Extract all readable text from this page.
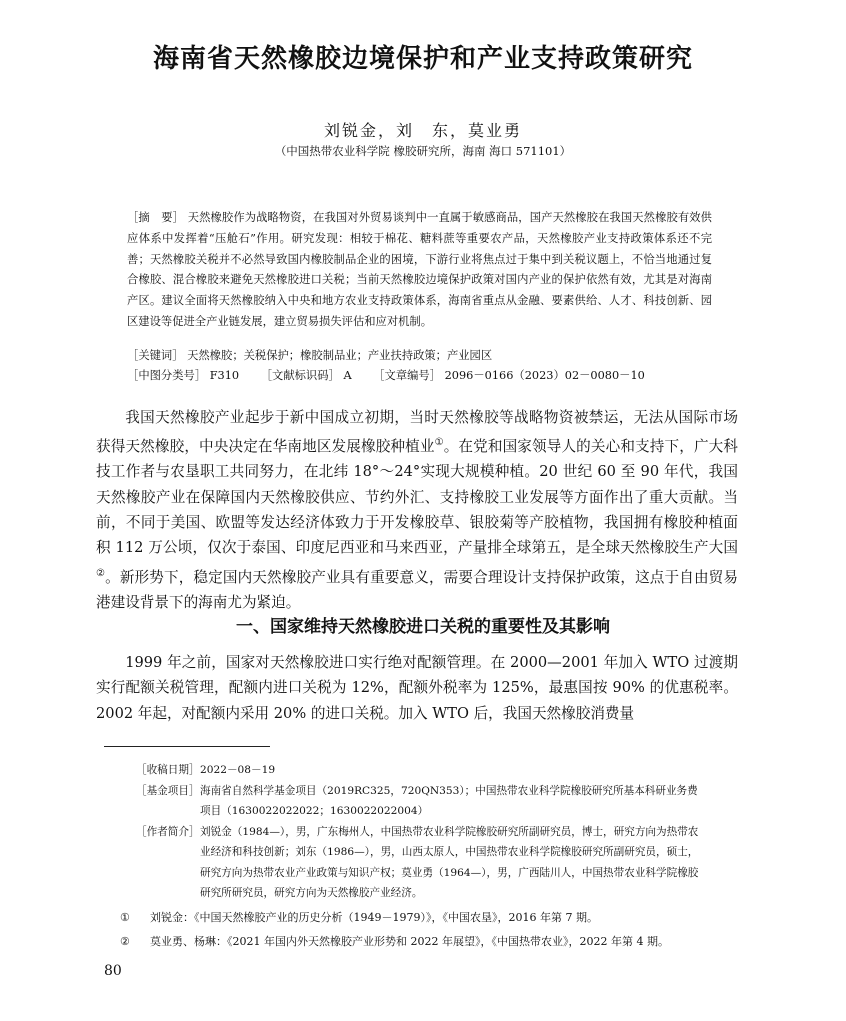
海南省天然橡胶边境保护和产业支持政策研究
刘锐金，刘　东，莫业勇
（中国热带农业科学院 橡胶研究所，海南 海口 571101）
［摘　要］ 天然橡胶作为战略物资，在我国对外贸易谈判中一直属于敏感商品，国产天然橡胶在我国天然橡胶有效供应体系中发挥着“压舱石”作用。研究发现：相较于棉花、糖料蔗等重要农产品，天然橡胶产业支持政策体系还不完善；天然橡胶关税并不必然导致国内橡胶制品企业的困境，下游行业将焦点过于集中到关税议题上，不恰当地通过复合橡胶、混合橡胶来避免天然橡胶进口关税；当前天然橡胶边境保护政策对国内产业的保护依然有效，尤其是对海南产区。建议全面将天然橡胶纳入中央和地方农业支持政策体系，海南省重点从金融、要素供给、人才、科技创新、园区建设等促进全产业链发展，建立贸易损失评估和应对机制。
［关键词］ 天然橡胶；关税保护；橡胶制品业；产业扶持政策；产业园区
［中图分类号］ F310 ［文献标识码］ A ［文章编号］ 2096－0166（2023）02－0080－10

我国天然橡胶产业起步于新中国成立初期，当时天然橡胶等战略物资被禁运，无法从国际市场获得天然橡胶，中央决定在华南地区发展橡胶种植业①。在党和国家领导人的关心和支持下，广大科技工作者与农垦职工共同努力，在北纬 18°～24°实现大规模种植。20 世纪 60 至 90 年代，我国天然橡胶产业在保障国内天然橡胶供应、节约外汇、支持橡胶工业发展等方面作出了重大贡献。当前，不同于美国、欧盟等发达经济体致力于开发橡胶草、银胶菊等产胶植物，我国拥有橡胶种植面积 112 万公顷，仅次于泰国、印度尼西亚和马来西亚，产量排全球第五，是全球天然橡胶生产大国②。新形势下，稳定国内天然橡胶产业具有重要意义，需要合理设计支持保护政策，这点于自由贸易港建设背景下的海南尤为紧迫。

一、国家维持天然橡胶进口关税的重要性及其影响

1999 年之前，国家对天然橡胶进口实行绝对配额管理。在 2000—2001 年加入 WTO 过渡期实行配额关税管理，配额内进口关税为 12%，配额外税率为 125%，最惠国按 90% 的优惠税率。2002 年起，对配额内采用 20% 的进口关税。加入 WTO 后，我国天然橡胶消费量

［收稿日期］ 2022－08－19
［基金项目］ 海南省自然科学基金项目（2019RC325，720QN353）；中国热带农业科学院橡胶研究所基本科研业务费项目（1630022022022；1630022022004）
［作者简介］ 刘锐金（1984—），男，广东梅州人，中国热带农业科学院橡胶研究所副研究员，博士，研究方向为热带农业经济和科技创新；刘东（1986—），男，山西太原人，中国热带农业科学院橡胶研究所副研究员，硕士，研究方向为热带农业产业政策与知识产权；莫业勇（1964—），男，广西陆川人，中国热带农业科学院橡胶研究所研究员，研究方向为天然橡胶产业经济。
① 刘锐金：《中国天然橡胶产业的历史分析（1949－1979）》，《中国农垦》，2016 年第 7 期。
② 莫业勇、杨琳：《2021 年国内外天然橡胶产业形势和 2022 年展望》，《中国热带农业》，2022 年第 4 期。
80
